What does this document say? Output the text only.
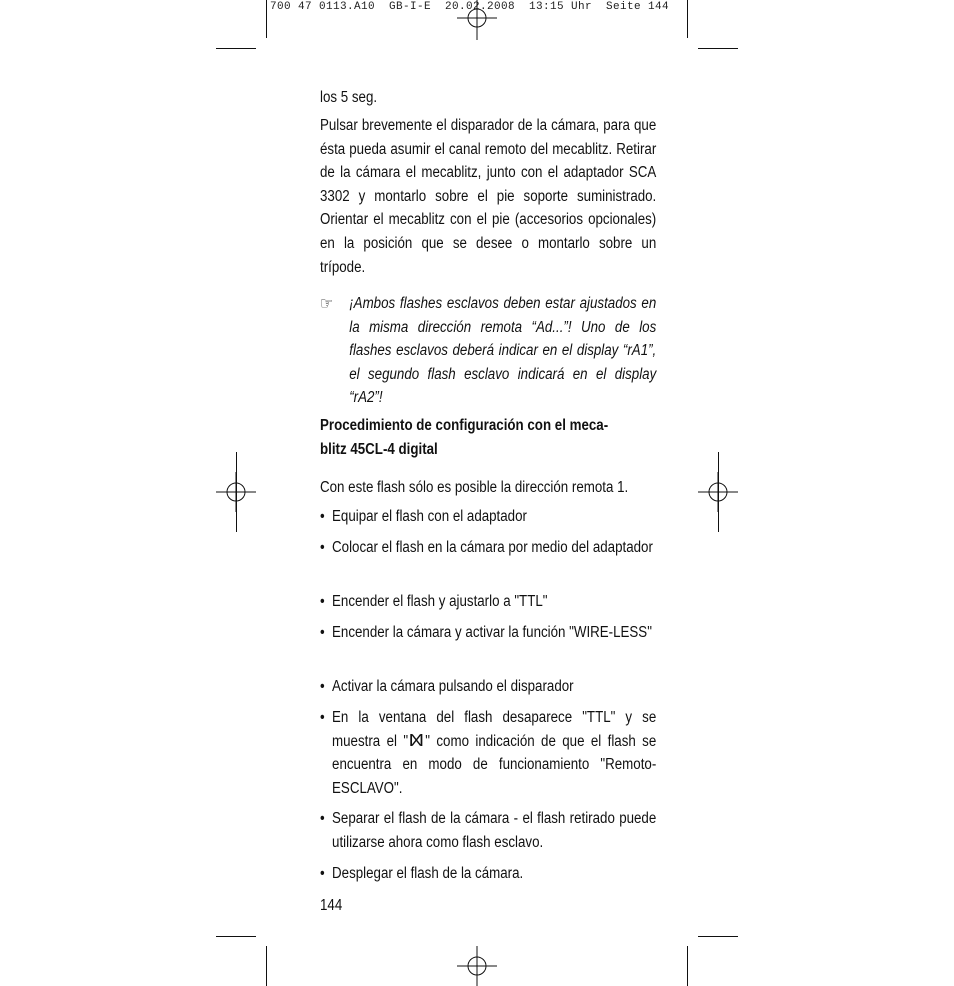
700 47 0113.A10  GB-I-E  20.02.2008  13:15 Uhr  Seite 144
los 5 seg.
Pulsar brevemente el disparador de la cámara, para que ésta pueda asumir el canal remoto del mecablitz. Retirar de la cámara el mecablitz, junto con el adaptador SCA 3302 y montarlo sobre el pie soporte suministrado. Orientar el mecablitz con el pie (accesorios opcionales) en la posición que se desee o montarlo sobre un trípode.
☞ ¡Ambos flashes esclavos deben estar ajustados en la misma dirección remota “Ad...”! Uno de los flashes esclavos deberá indicar en el display “rA1”, el segundo flash esclavo indicará en el display “rA2”!
Procedimiento de configuración con el meca-
blitz 45CL-4 digital
Con este flash sólo es posible la dirección remota 1.
• Equipar el flash con el adaptador
• Colocar el flash en la cámara por medio del adaptador
• Encender el flash y ajustarlo a "TTL"
• Encender la cámara y activar la función "WIRE-LESS"
• Activar la cámara pulsando el disparador
• En la ventana del flash desaparece "TTL" y se muestra el " " como indicación de que el flash se encuentra en modo de funcionamiento "Remoto-ESCLAVO".
• Separar el flash de la cámara - el flash retirado puede utilizarse ahora como flash esclavo.
• Desplegar el flash de la cámara.
144
